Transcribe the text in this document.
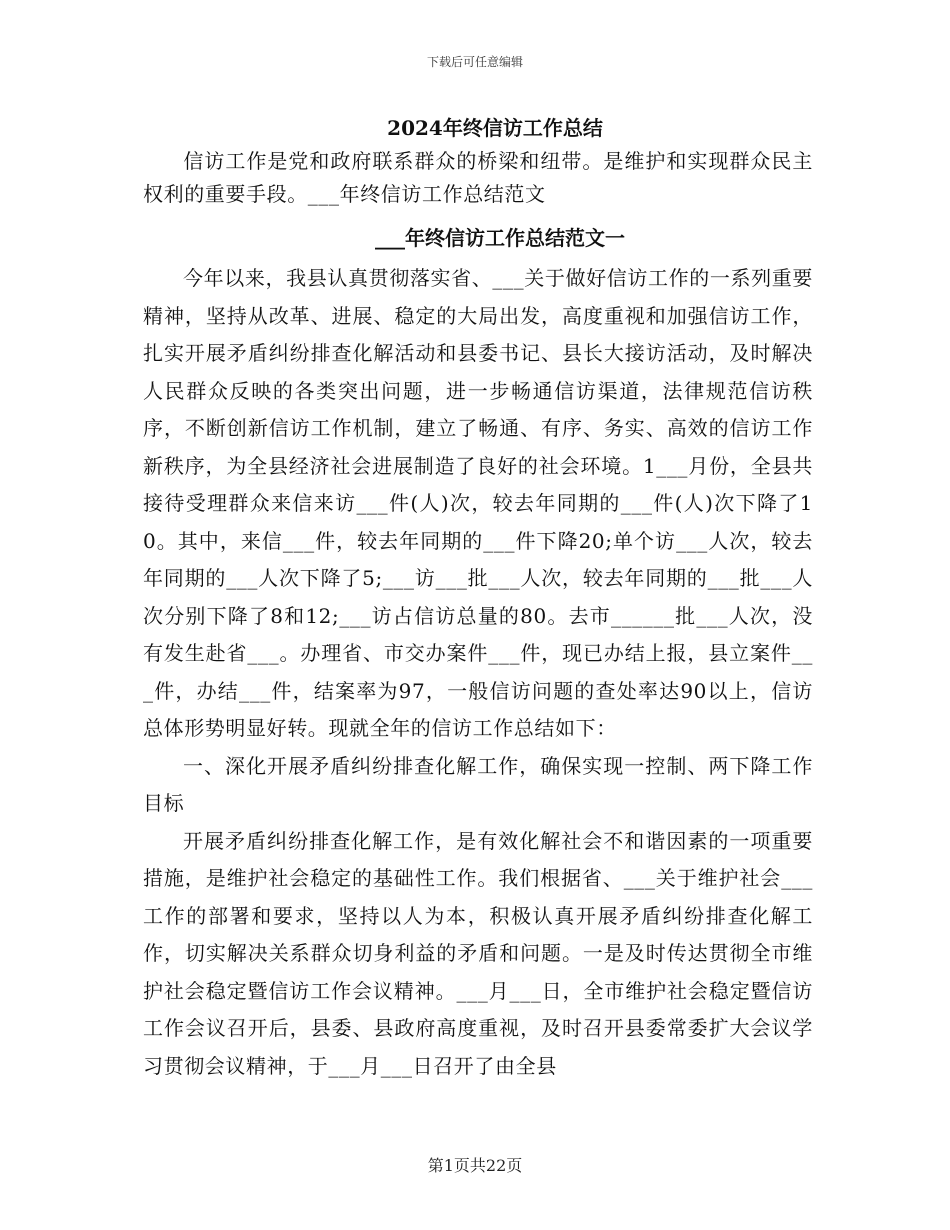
下载后可任意编辑
2024年终信访工作总结
信访工作是党和政府联系群众的桥梁和纽带。是维护和实现群众民主权利的重要手段。___年终信访工作总结范文
___年终信访工作总结范文一

今年以来，我县认真贯彻落实省、___关于做好信访工作的一系列重要精神，坚持从改革、进展、稳定的大局出发，高度重视和加强信访工作，扎实开展矛盾纠纷排查化解活动和县委书记、县长大接访活动，及时解决人民群众反映的各类突出问题，进一步畅通信访渠道，法律规范信访秩序，不断创新信访工作机制，建立了畅通、有序、务实、高效的信访工作新秩序，为全县经济社会进展制造了良好的社会环境。1___月份，全县共接待受理群众来信来访___件(人)次，较去年同期的___件(人)次下降了10。其中，来信___件，较去年同期的___件下降20;单个访___人次，较去年同期的___人次下降了5;___访___批___人次，较去年同期的___批___人次分别下降了8和12;___访占信访总量的80。去市______批___人次，没有发生赴省___。办理省、市交办案件___件，现已办结上报，县立案件___件，办结___件，结案率为97，一般信访问题的查处率达90以上，信访总体形势明显好转。现就全年的信访工作总结如下：

一、深化开展矛盾纠纷排查化解工作，确保实现一控制、两下降工作目标

开展矛盾纠纷排查化解工作，是有效化解社会不和谐因素的一项重要措施，是维护社会稳定的基础性工作。我们根据省、___关于维护社会___工作的部署和要求，坚持以人为本，积极认真开展矛盾纠纷排查化解工作，切实解决关系群众切身利益的矛盾和问题。一是及时传达贯彻全市维护社会稳定暨信访工作会议精神。___月___日，全市维护社会稳定暨信访工作会议召开后，县委、县政府高度重视，及时召开县委常委扩大会议学习贯彻会议精神，于___月___日召开了由全县

第1页共22页
